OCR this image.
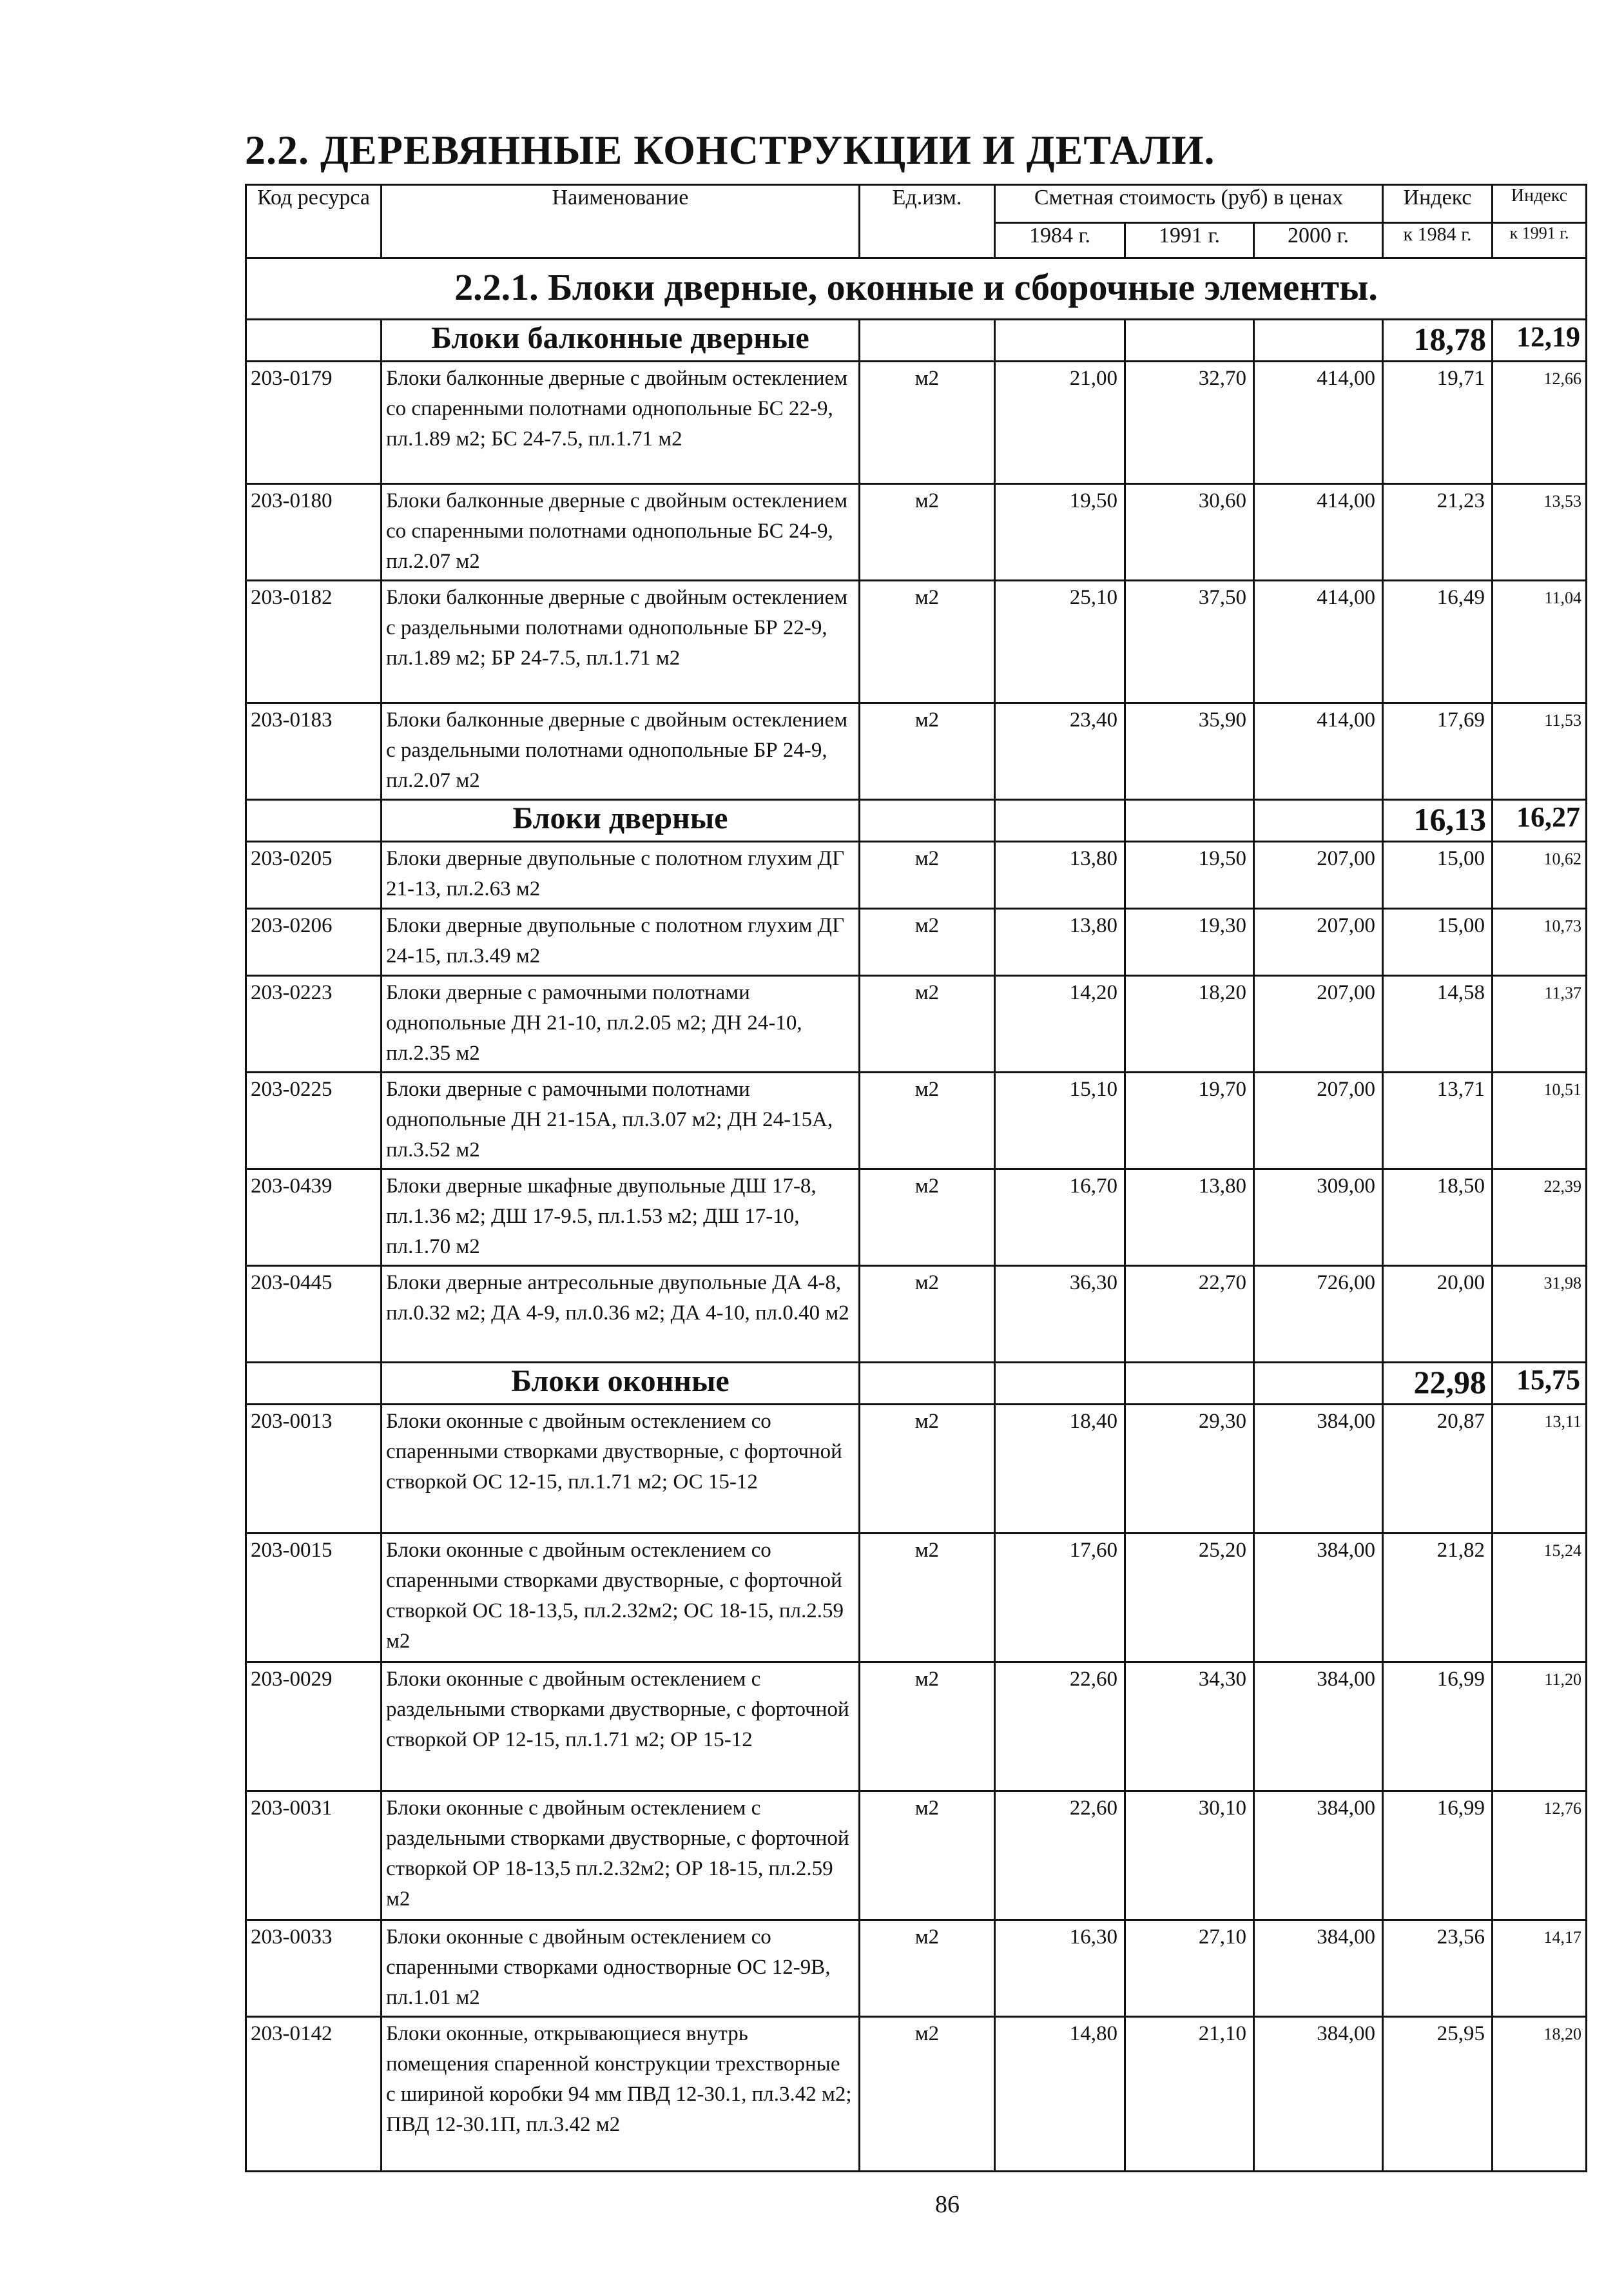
2.2. ДЕРЕВЯННЫЕ КОНСТРУКЦИИ И ДЕТАЛИ.
Код ресурса	Наименование	Ед.изм.	Сметная стоимость (руб) в ценах			Индекс	Индекс
			1984 г.	1991 г.	2000 г.	к 1984 г.	к 1991 г.

2.2.1. Блоки дверные, оконные и сборочные элементы.							
	Блоки балконные дверные					18,78	12,19
203-0179	Блоки балконные дверные с двойным остеклением со спаренными полотнами однопольные БС 22-9, пл.1.89 м2; БС 24-7.5, пл.1.71 м2	м2	21,00	32,70	414,00	19,71	12,66
203-0180	Блоки балконные дверные с двойным остеклением со спаренными полотнами однопольные БС 24-9, пл.2.07 м2	м2	19,50	30,60	414,00	21,23	13,53
203-0182	Блоки балконные дверные с двойным остеклением с раздельными полотнами однопольные БР 22-9, пл.1.89 м2; БР 24-7.5, пл.1.71 м2	м2	25,10	37,50	414,00	16,49	11,04
203-0183	Блоки балконные дверные с двойным остеклением с раздельными полотнами однопольные БР 24-9, пл.2.07 м2	м2	23,40	35,90	414,00	17,69	11,53
	Блоки дверные					16,13	16,27
203-0205	Блоки дверные двупольные с полотном глухим ДГ 21-13, пл.2.63 м2	м2	13,80	19,50	207,00	15,00	10,62
203-0206	Блоки дверные двупольные с полотном глухим ДГ 24-15, пл.3.49 м2	м2	13,80	19,30	207,00	15,00	10,73
203-0223	Блоки дверные с рамочными полотнами однопольные ДН 21-10, пл.2.05 м2; ДН 24-10, пл.2.35 м2	м2	14,20	18,20	207,00	14,58	11,37
203-0225	Блоки дверные с рамочными полотнами однопольные ДН 21-15А, пл.3.07 м2; ДН 24-15А, пл.3.52 м2	м2	15,10	19,70	207,00	13,71	10,51
203-0439	Блоки дверные шкафные двупольные ДШ 17-8, пл.1.36 м2; ДШ 17-9.5, пл.1.53 м2; ДШ 17-10, пл.1.70 м2	м2	16,70	13,80	309,00	18,50	22,39
203-0445	Блоки дверные антресольные двупольные ДА 4-8, пл.0.32 м2; ДА 4-9, пл.0.36 м2; ДА 4-10, пл.0.40 м2	м2	36,30	22,70	726,00	20,00	31,98
	Блоки оконные					22,98	15,75
203-0013	Блоки оконные с двойным остеклением со спаренными створками двустворные, с форточной створкой ОС 12-15, пл.1.71 м2; ОС 15-12	м2	18,40	29,30	384,00	20,87	13,11
203-0015	Блоки оконные с двойным остеклением со спаренными створками двустворные, с форточной створкой ОС 18-13,5, пл.2.32м2; ОС 18-15, пл.2.59 м2	м2	17,60	25,20	384,00	21,82	15,24
203-0029	Блоки оконные с двойным остеклением с раздельными створками двустворные, с форточной створкой ОР 12-15, пл.1.71 м2; ОР 15-12	м2	22,60	34,30	384,00	16,99	11,20
203-0031	Блоки оконные с двойным остеклением с раздельными створками двустворные, с форточной створкой ОР 18-13,5 пл.2.32м2; ОР 18-15, пл.2.59 м2	м2	22,60	30,10	384,00	16,99	12,76
203-0033	Блоки оконные с двойным остеклением со спаренными створками одностворные ОС 12-9В, пл.1.01 м2	м2	16,30	27,10	384,00	23,56	14,17
203-0142	Блоки оконные, открывающиеся внутрь помещения спаренной конструкции трехстворные с шириной коробки 94 мм ПВД 12-30.1, пл.3.42 м2; ПВД 12-30.1П, пл.3.42 м2	м2	14,80	21,10	384,00	25,95	18,20
86
